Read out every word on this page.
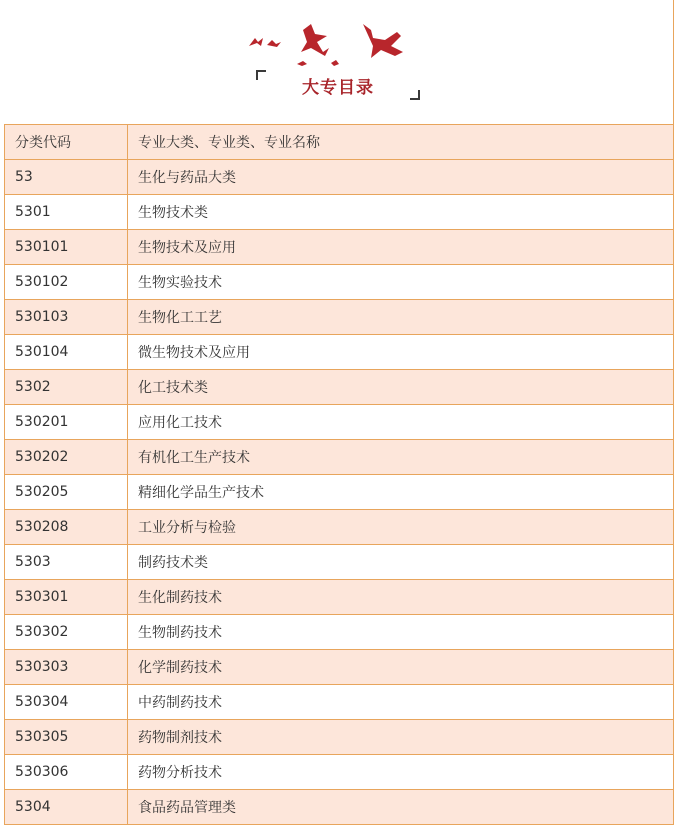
大专目录
分类代码	专业大类、专业类、专业名称
53	生化与药品大类
5301	生物技术类
530101	生物技术及应用
530102	生物实验技术
530103	生物化工工艺
530104	微生物技术及应用
5302	化工技术类
530201	应用化工技术
530202	有机化工生产技术
530205	精细化学品生产技术
530208	工业分析与检验
5303	制药技术类
530301	生化制药技术
530302	生物制药技术
530303	化学制药技术
530304	中药制药技术
530305	药物制剂技术
530306	药物分析技术
5304	食品药品管理类
